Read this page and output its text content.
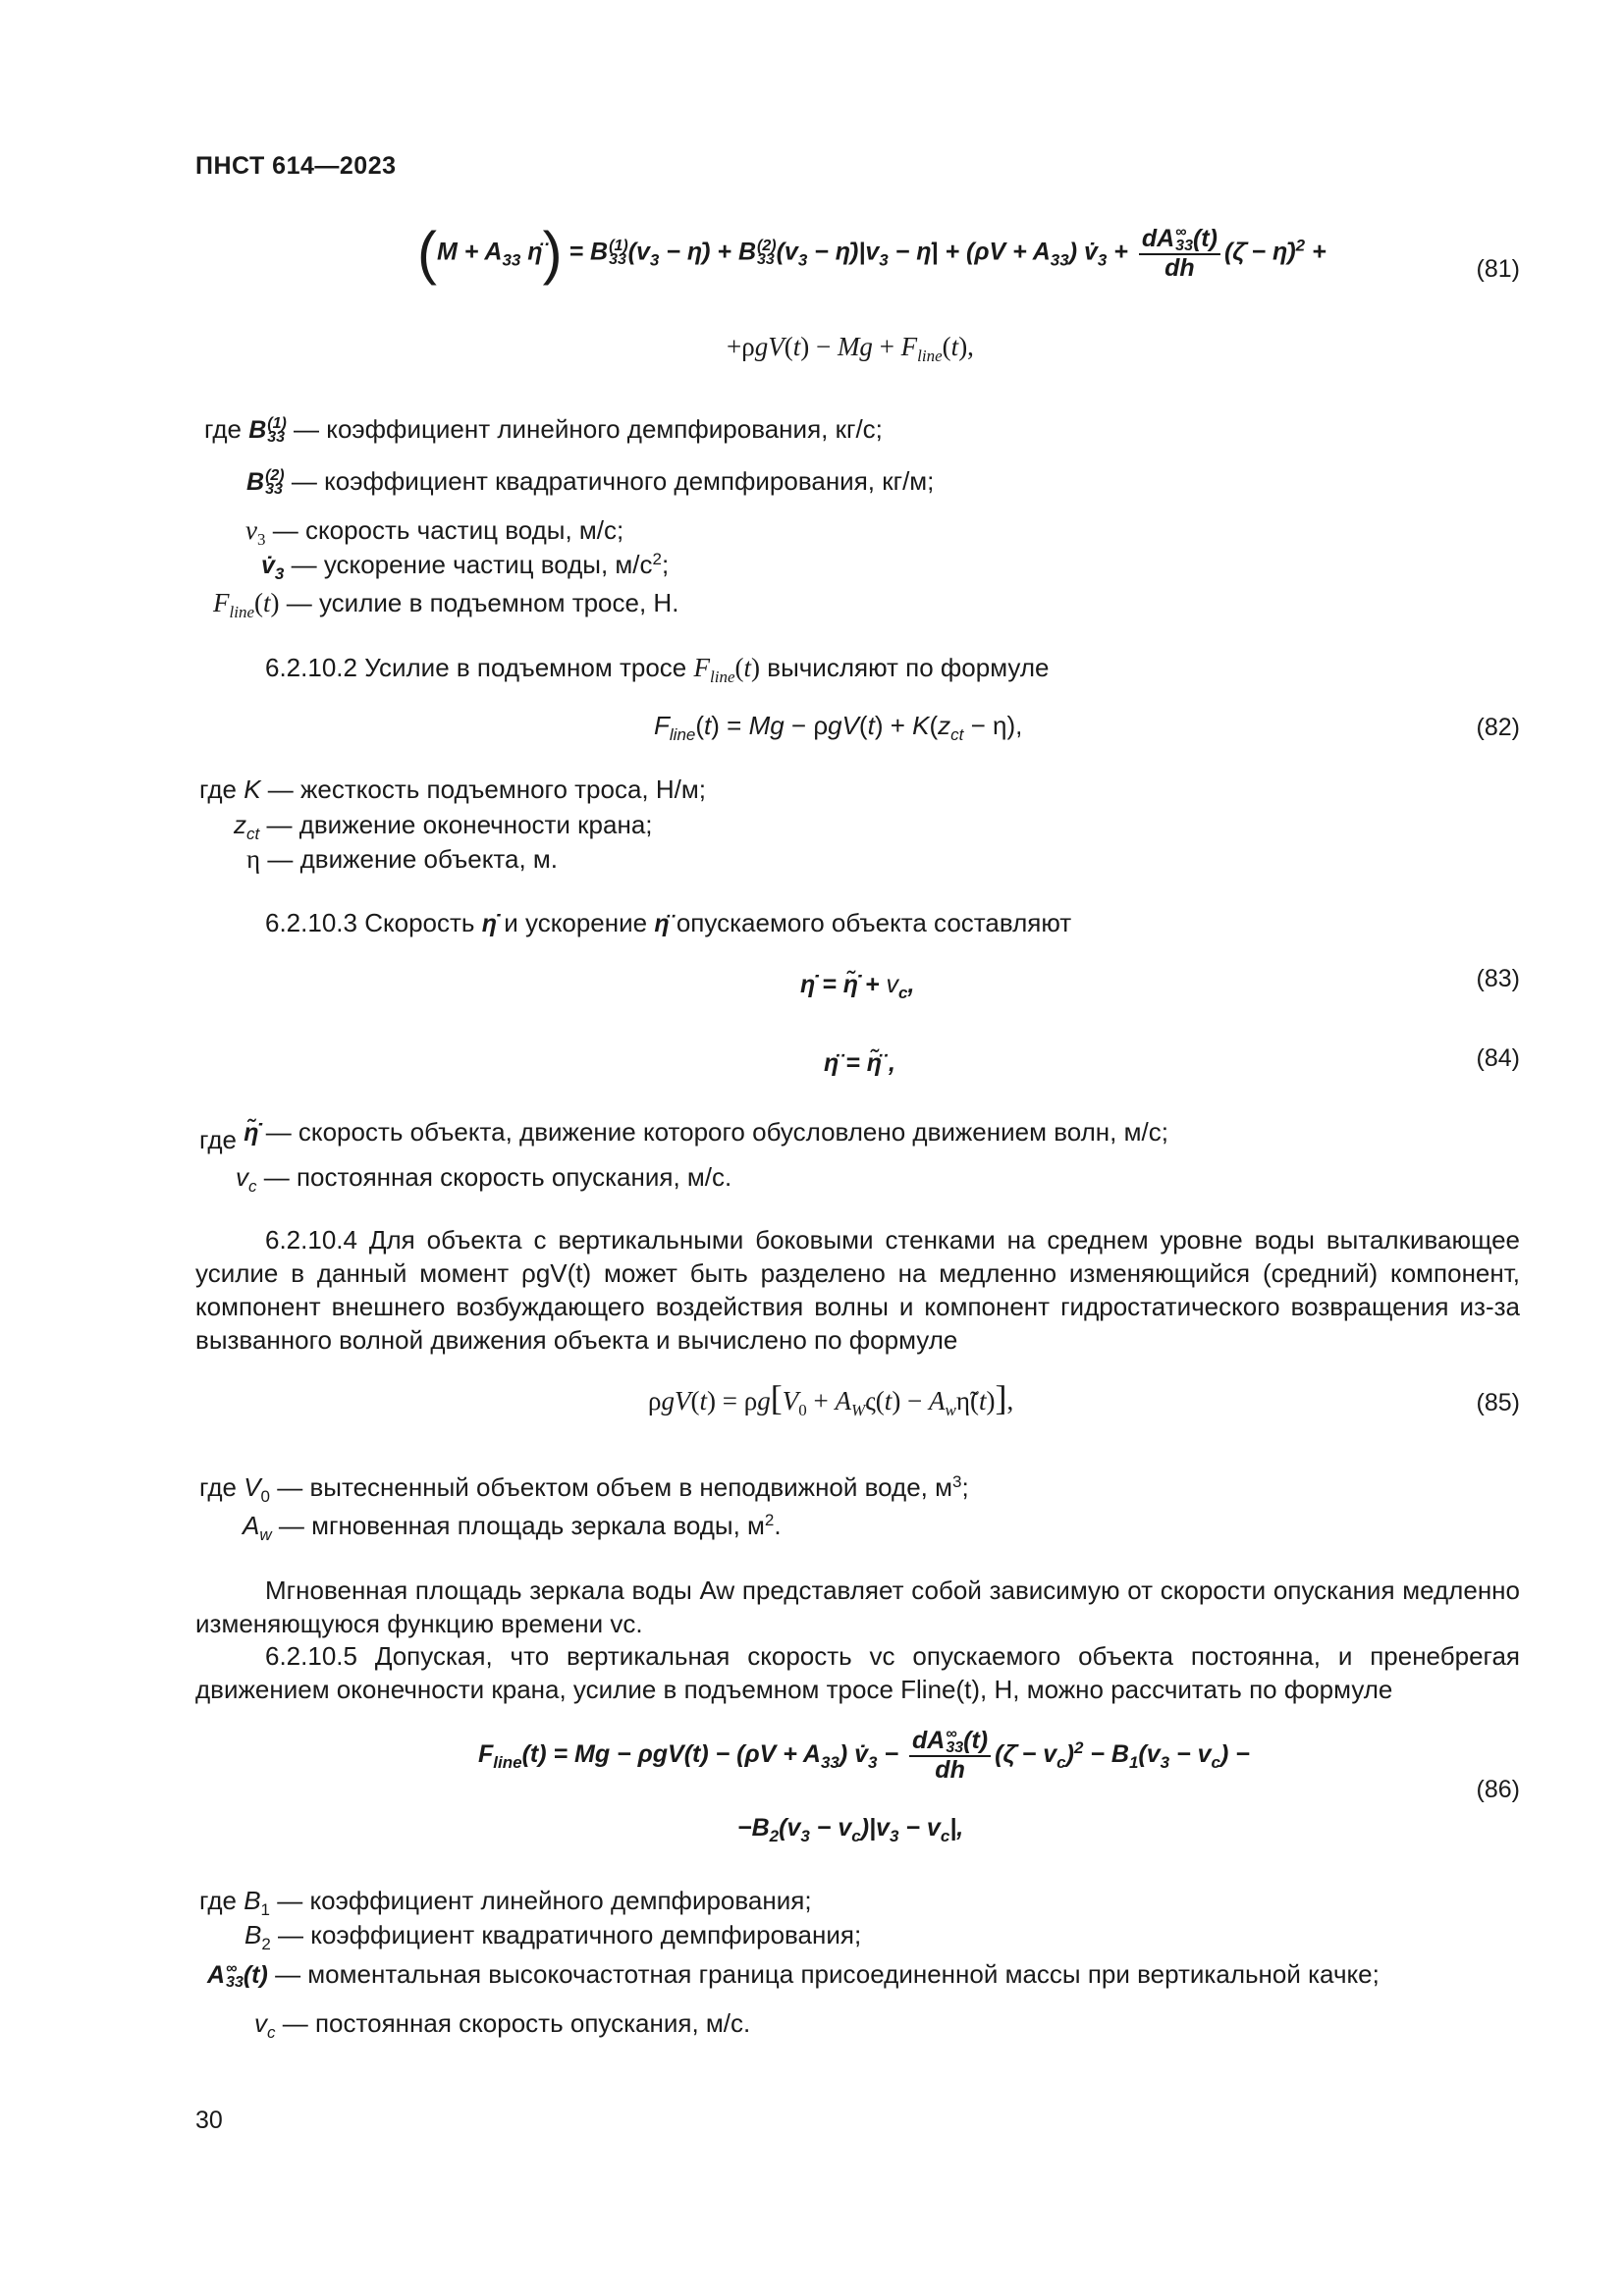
ПНСТ 614—2023
($M + A_{33}$ η̈) = B (1)
33 ($v_3$ − η̇) + B (2)
33 ($v_3$ − $\etȧ)|v_3$ − η̇| + $(\rho V + A_{33})$ $v̇_3$ + dA ∞
33 (t)
dh (ζ̇ − η̇)$^2$ +
$+\rho gV(t) - Mg + F_{line}(t)$,
(81)
где B (1)
33 — коэффициент линейного демпфирования, кг/с;
B (2)
33 — коэффициент квадратичного демпфирования, кг/м;
$v_3$ — скорость частиц воды, м/с;
$v̇_3$ — ускорение частиц воды, $м/с^2$;
$F_{line}(t)$ — усилие в подъемном тросе, Н.
6.2.10.2 Усилие в подъемном тросе $F_{line}(t)$ вычисляют по формуле
$F_{line}(t) = Mg - \rho gV(t) + K(z_{ct} - \eta)$,	(82)
где K — жесткость подъемного троса, Н/м;
$z_{ct}$ — движение оконечности крана;
η — движение объекта, м.
6.2.10.3 Скорость η̇ и ускорение η̈ опускаемого объекта составляют
η̇ = η̃̇ + $v_c$,	(83)
η̈ = η̃̈ ,	(84)
где η̃̇ — скорость объекта, движение которого обусловлено движением волн, м/с;
$v_c$ — постоянная скорость опускания, м/с.
6.2.10.4 Для объекта с вертикальными боковыми стенками на среднем уровне воды выталкивающее усилие в данный момент ρgV(t) может быть разделено на медленно изменяющийся (средний) компонент, компонент внешнего возбуждающего воздействия волны и компонент гидростатического возвращения из-за вызванного волной движения объекта и вычислено по формуле
$\rho gV(t) = \rho g[V_0 + A_W\varsigma(t)$ − $A_w\etã(t)$],	(85)
где $V_0$ — вытесненный объектом объем в неподвижной воде, $м^3$;
$A_w$ — мгновенная площадь зеркала воды, $м^2$.
Мгновенная площадь зеркала воды Aw представляет собой зависимую от скорости опускания медленно изменяющуюся функцию времени vc.
6.2.10.5 Допуская, что вертикальная скорость vc опускаемого объекта постоянна, и пренебрегая движением оконечности крана, усилие в подъемном тросе Fline(t), Н, можно рассчитать по формуле
$F_{line}(t) = Mg - \rho gV(t) - (\rho V + A_{33})$ $v̇_3$ − dA ∞
33 (t)
dh (ζ̇ − $v_c)^2 - B_1(v_3 - v_c)$ −
$-B_2(v_3 - v_c)|v_3 - v_c|$,
(86)
где $B_1$ — коэффициент линейного демпфирования;
$B_2$ — коэффициент квадратичного демпфирования;
A ∞
33 (t) — моментальная высокочастотная граница присоединенной массы при вертикальной качке;
$v_c$ — постоянная скорость опускания, м/с.
30
